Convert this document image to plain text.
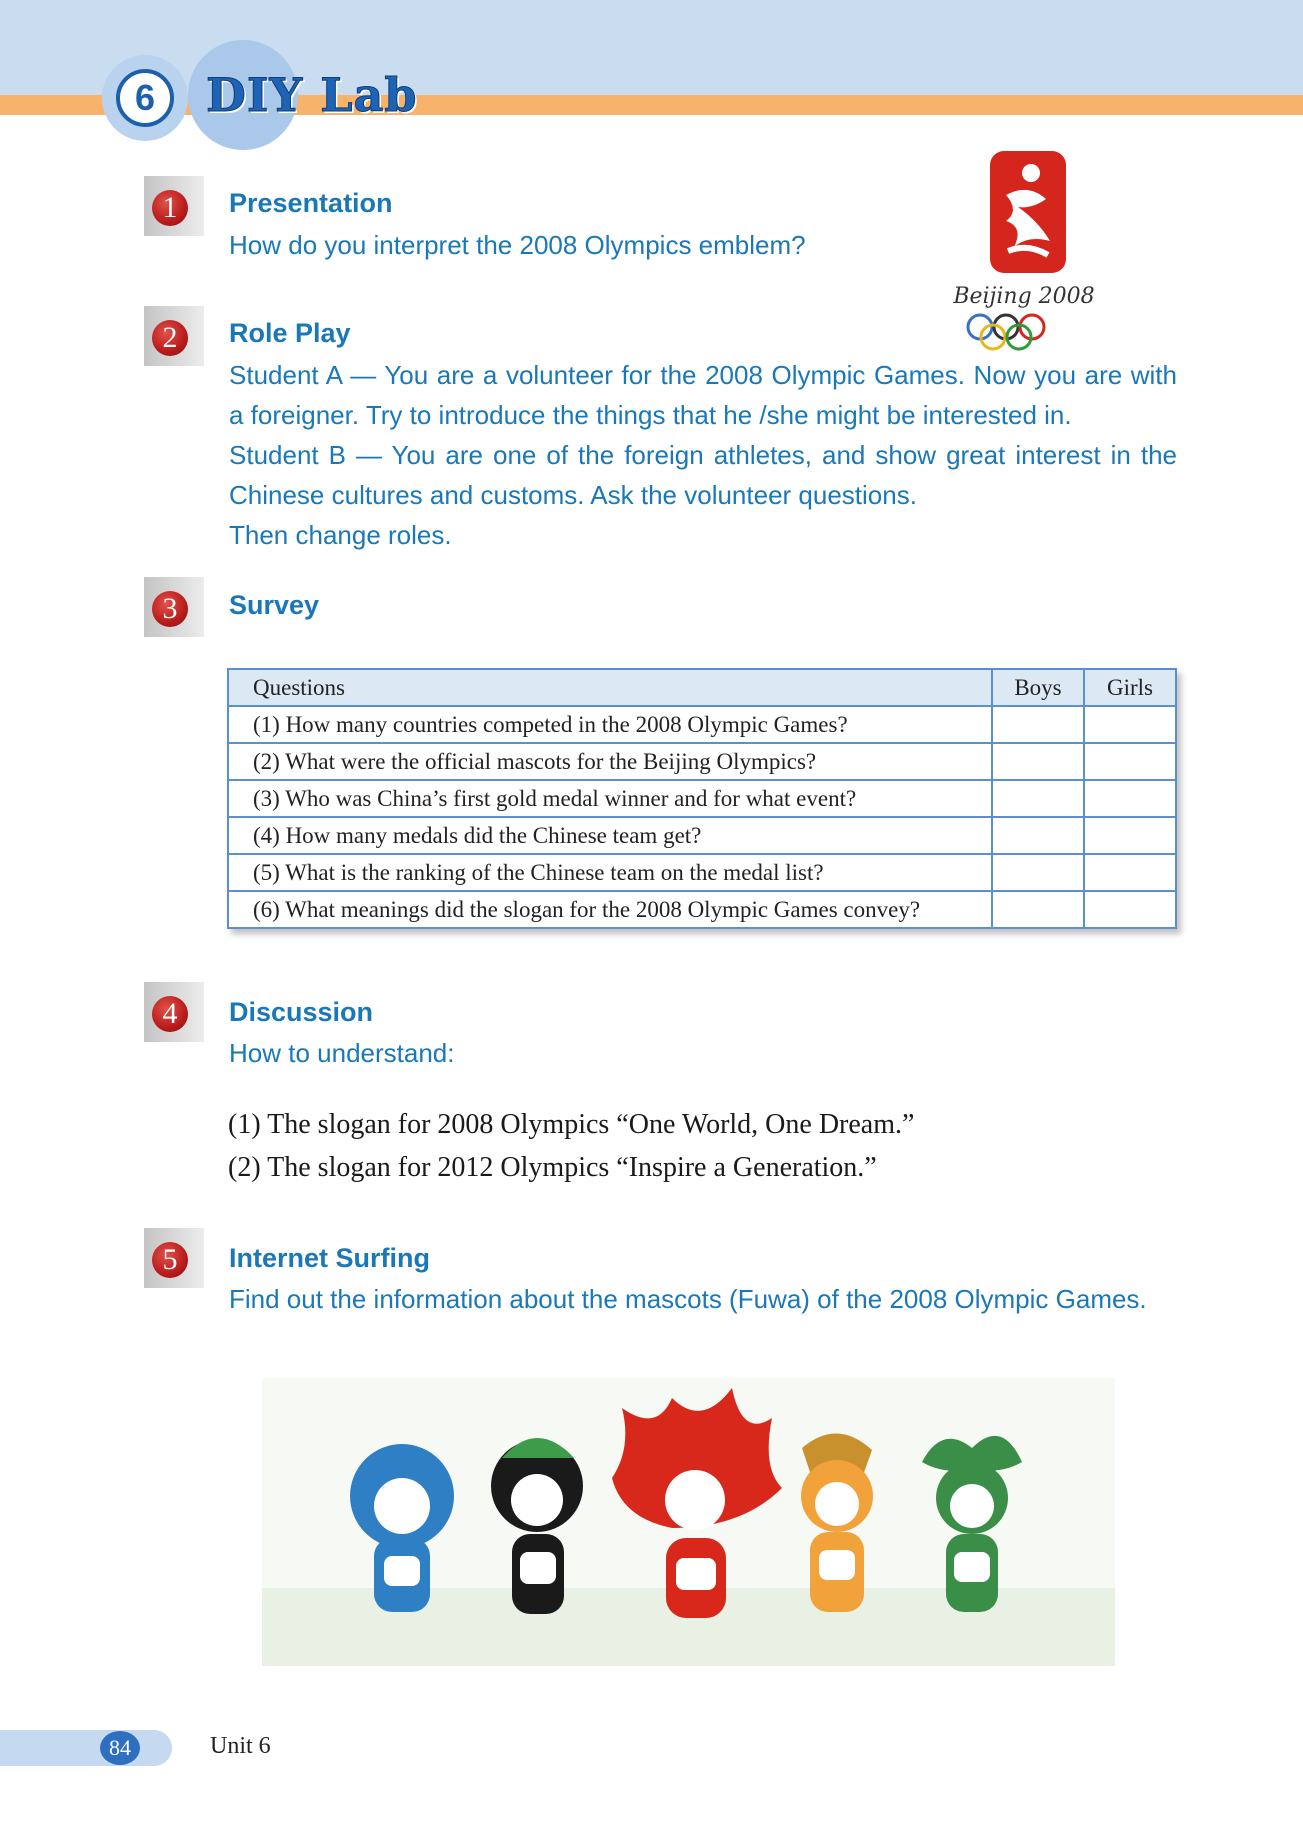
6	DIY Lab
1	Presentation

How do you interpret the 2008 Olympics emblem?

Beijing 2008
2	Role Play

Student A — You are a volunteer for the 2008 Olympic Games. Now you are with a foreigner. Try to introduce the things that he /she might be interested in.

Student B — You are one of the foreign athletes, and show great interest in the Chinese cultures and customs. Ask the volunteer questions.

Then change roles.

3	Survey
Questions	Boys	Girls
(1) How many countries competed in the 2008 Olympic Games?		
(2) What were the official mascots for the Beijing Olympics?		
(3) Who was China’s first gold medal winner and for what event?		
(4) How many medals did the Chinese team get?		
(5) What is the ranking of the Chinese team on the medal list?		
(6) What meanings did the slogan for the 2008 Olympic Games convey?		
4	Discussion

How to understand:

(1) The slogan for 2008 Olympics “One World, One Dream.”
(2) The slogan for 2012 Olympics “Inspire a Generation.”
5	Internet Surfing

Find out the information about the mascots (Fuwa) of the 2008 Olympic Games.

84	Unit 6
